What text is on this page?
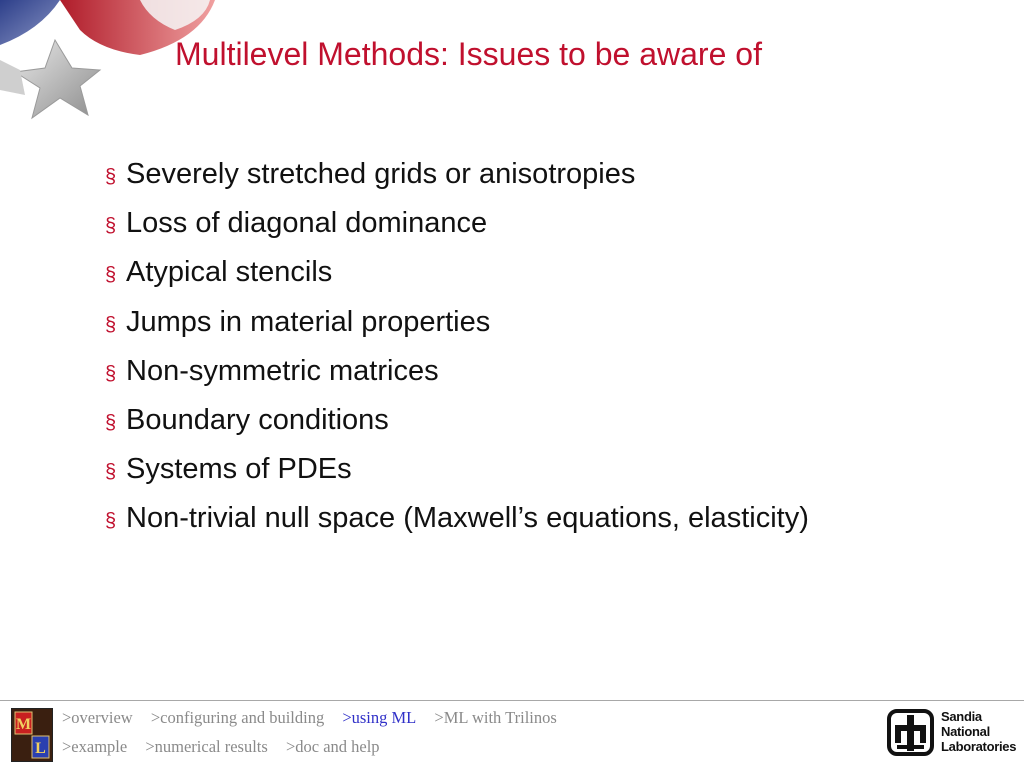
Multilevel Methods: Issues to be aware of
§ Severely stretched grids or anisotropies
§ Loss of diagonal dominance
§ Atypical stencils
§ Jumps in material properties
§ Non-symmetric matrices
§ Boundary conditions
§ Systems of PDEs
§ Non-trivial null space (Maxwell’s equations, elasticity)
M
L
>overview >configuring and building >using ML >ML with Trilinos
>example >numerical results >doc and help
Sandia
National
Laboratories
